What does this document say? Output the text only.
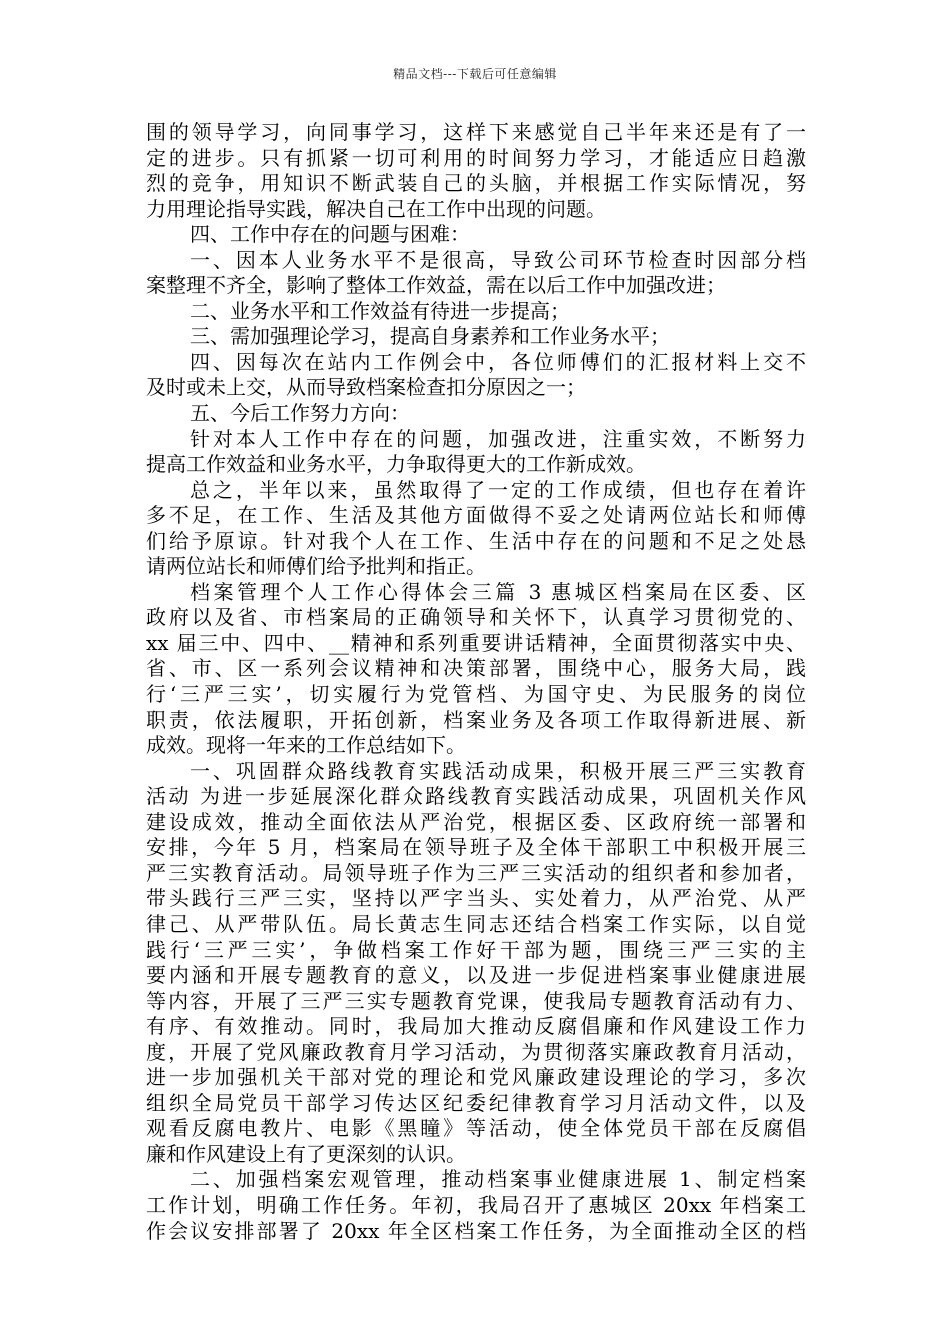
精品文档---下载后可任意编辑
围的领导学习，向同事学习，这样下来感觉自己半年来还是有了一
定的进步。只有抓紧一切可利用的时间努力学习，才能适应日趋激
烈的竞争，用知识不断武装自己的头脑，并根据工作实际情况，努
力用理论指导实践，解决自己在工作中出现的问题。
四、工作中存在的问题与困难：
一、因本人业务水平不是很高，导致公司环节检查时因部分档
案整理不齐全，影响了整体工作效益，需在以后工作中加强改进；
二、业务水平和工作效益有待进一步提高；
三、需加强理论学习，提高自身素养和工作业务水平；
四、因每次在站内工作例会中，各位师傅们的汇报材料上交不
及时或未上交，从而导致档案检查扣分原因之一；
五、今后工作努力方向：
针对本人工作中存在的问题，加强改进，注重实效，不断努力
提高工作效益和业务水平，力争取得更大的工作新成效。
总之，半年以来，虽然取得了一定的工作成绩，但也存在着许
多不足，在工作、生活及其他方面做得不妥之处请两位站长和师傅
们给予原谅。针对我个人在工作、生活中存在的问题和不足之处恳
请两位站长和师傅们给予批判和指正。
档案管理个人工作心得体会三篇 3 惠城区档案局在区委、区
政府以及省、市档案局的正确领导和关怀下，认真学习贯彻党的、
xx 届三中、四中、__精神和系列重要讲话精神，全面贯彻落实中央、
省、市、区一系列会议精神和决策部署，围绕中心，服务大局，践
行‘三严三实’，切实履行为党管档、为国守史、为民服务的岗位
职责，依法履职，开拓创新，档案业务及各项工作取得新进展、新
成效。现将一年来的工作总结如下。
一、巩固群众路线教育实践活动成果，积极开展三严三实教育
活动 为进一步延展深化群众路线教育实践活动成果，巩固机关作风
建设成效，推动全面依法从严治党，根据区委、区政府统一部署和
安排，今年 5 月，档案局在领导班子及全体干部职工中积极开展三
严三实教育活动。局领导班子作为三严三实活动的组织者和参加者，
带头践行三严三实，坚持以严字当头、实处着力，从严治党、从严
律己、从严带队伍。局长黄志生同志还结合档案工作实际，以自觉
践行‘三严三实’，争做档案工作好干部为题，围绕三严三实的主
要内涵和开展专题教育的意义，以及进一步促进档案事业健康进展
等内容，开展了三严三实专题教育党课，使我局专题教育活动有力、
有序、有效推动。同时，我局加大推动反腐倡廉和作风建设工作力
度，开展了党风廉政教育月学习活动，为贯彻落实廉政教育月活动，
进一步加强机关干部对党的理论和党风廉政建设理论的学习，多次
组织全局党员干部学习传达区纪委纪律教育学习月活动文件，以及
观看反腐电教片、电影《黑瞳》等活动，使全体党员干部在反腐倡
廉和作风建设上有了更深刻的认识。
二、加强档案宏观管理，推动档案事业健康进展 1、制定档案
工作计划，明确工作任务。年初，我局召开了惠城区 20xx 年档案工
作会议安排部署了 20xx 年全区档案工作任务，为全面推动全区的档
